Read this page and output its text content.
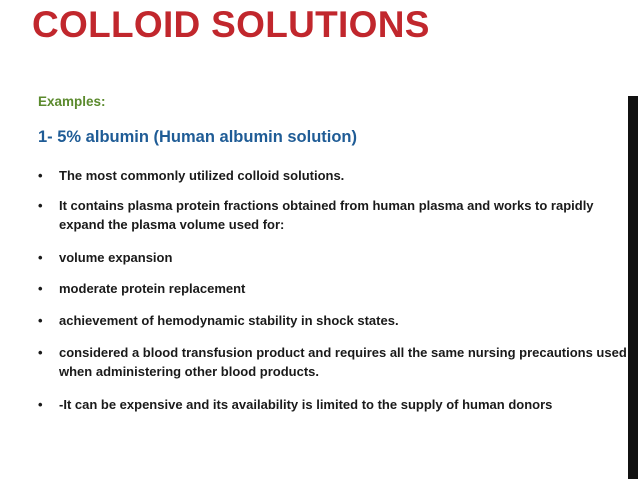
COLLOID SOLUTIONS
Examples:
1- 5% albumin (Human albumin solution)
•	The most commonly utilized colloid solutions.
•	It contains plasma protein fractions obtained from human plasma and works to rapidly expand the plasma volume used for:
•	volume expansion
•	moderate protein replacement
•	achievement of hemodynamic stability in shock states.
•	considered a blood transfusion product and requires all the same nursing precautions used when administering other blood products.
•	-It can be expensive and its availability is limited to the supply of human donors
